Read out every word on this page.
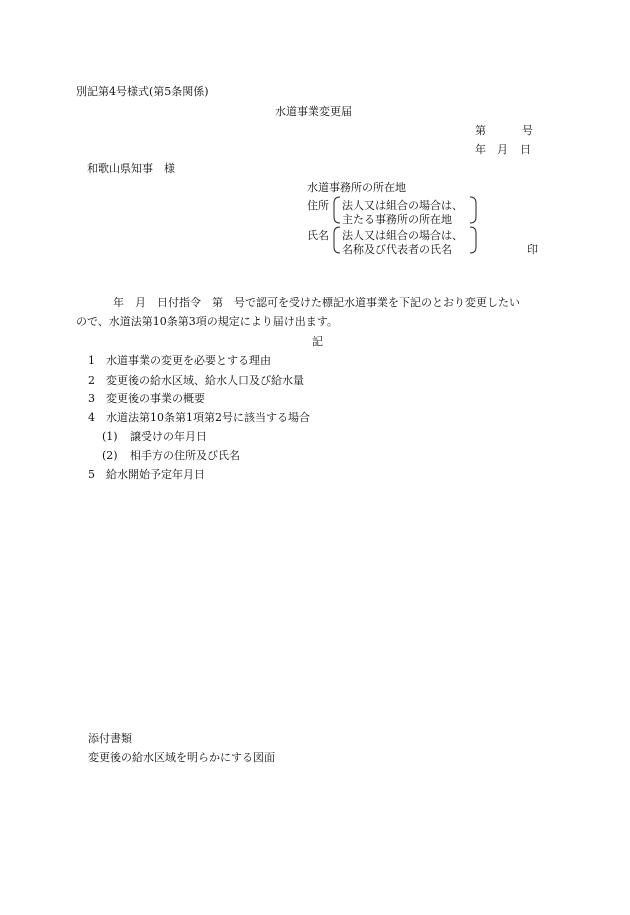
別記第4号様式(第5条関係)
水道事業変更届
第	号
年 月 日
和歌山県知事　様
水道事務所の所在地
住所 法人又は組合の場合は、
主たる事務所の所在地
氏名 法人又は組合の場合は、
名称及び代表者の氏名	印
年　月　日付指令　第　号で認可を受けた標記水道事業を下記のとおり変更したい
ので、水道法第10条第3項の規定により届け出ます。
記
1 水道事業の変更を必要とする理由
2 変更後の給水区域、給水人口及び給水量
3 変更後の事業の概要
4 水道法第10条第1項第2号に該当する場合
(1) 譲受けの年月日
(2) 相手方の住所及び氏名
5 給水開始予定年月日
添付書類
変更後の給水区域を明らかにする図面
